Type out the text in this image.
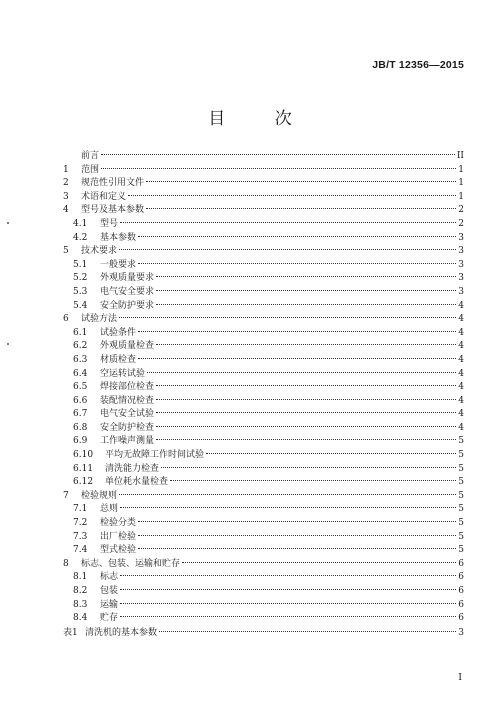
JB/T 12356—2015
目 次
前言	II
1	范围	1
2	规范性引用文件	1
3	术语和定义	1
4	型号及基本参数	2
4.1	型号	2
4.2	基本参数	3
5	技术要求	3
5.1	一般要求	3
5.2	外观质量要求	3
5.3	电气安全要求	3
5.4	安全防护要求	4
6	试验方法	4
6.1	试验条件	4
6.2	外观质量检查	4
6.3	材质检查	4
6.4	空运转试验	4
6.5	焊接部位检查	4
6.6	装配情况检查	4
6.7	电气安全试验	4
6.8	安全防护检查	4
6.9	工作噪声测量	5
6.10	平均无故障工作时间试验	5
6.11	清洗能力检查	5
6.12	单位耗水量检查	5
7	检验规则	5
7.1	总则	5
7.2	检验分类	5
7.3	出厂检验	5
7.4	型式检验	5
8	标志、包装、运输和贮存	6
8.1	标志	6
8.2	包装	6
8.3	运输	6
8.4	贮存	6
表1 清洗机的基本参数	3
I
